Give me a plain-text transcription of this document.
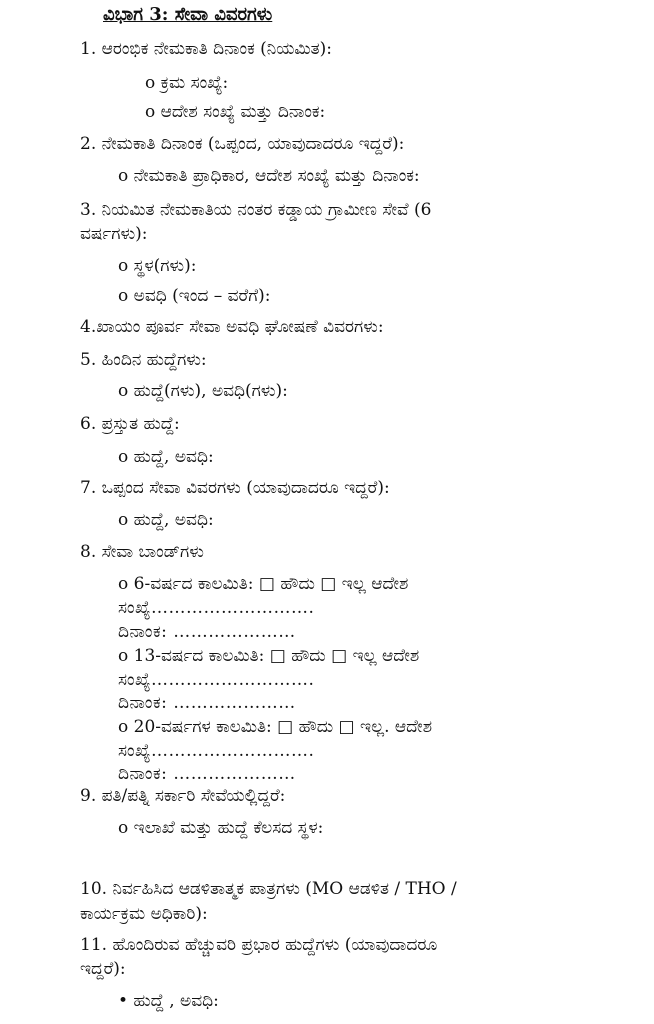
ವಿಭಾಗ 3: ಸೇವಾ ವಿವರಗಳು
1. ಆರಂಭಿಕ ನೇಮಕಾತಿ ದಿನಾಂಕ (ನಿಯಮಿತ):
o ಕ್ರಮ ಸಂಖ್ಯೆ:
o ಆದೇಶ ಸಂಖ್ಯೆ ಮತ್ತು ದಿನಾಂಕ:
2. ನೇಮಕಾತಿ ದಿನಾಂಕ (ಒಪ್ಪಂದ, ಯಾವುದಾದರೂ ಇದ್ದರೆ):
o ನೇಮಕಾತಿ ಪ್ರಾಧಿಕಾರ, ಆದೇಶ ಸಂಖ್ಯೆ ಮತ್ತು ದಿನಾಂಕ:
3. ನಿಯಮಿತ ನೇಮಕಾತಿಯ ನಂತರ ಕಡ್ಡಾಯ ಗ್ರಾಮೀಣ ಸೇವೆ (6
ವರ್ಷಗಳು):
o ಸ್ಥಳ(ಗಳು):
o ಅವಧಿ (ಇಂದ – ವರೆಗೆ):
4.ಖಾಯಂ ಪೂರ್ವ ಸೇವಾ ಅವಧಿ ಘೋಷಣೆ ವಿವರಗಳು:
5. ಹಿಂದಿನ ಹುದ್ದೆಗಳು:
o ಹುದ್ದೆ(ಗಳು), ಅವಧಿ(ಗಳು):
6. ಪ್ರಸ್ತುತ ಹುದ್ದೆ:
o ಹುದ್ದೆ, ಅವಧಿ:
7. ಒಪ್ಪಂದ ಸೇವಾ ವಿವರಗಳು (ಯಾವುದಾದರೂ ಇದ್ದರೆ):
o ಹುದ್ದೆ, ಅವಧಿ:
8. ಸೇವಾ ಬಾಂಡ್‌ಗಳು
o 6-ವರ್ಷದ ಕಾಲಮಿತಿ: □ ಹೌದು □ ಇಲ್ಲ ಆದೇಶ
ಸಂಖ್ಯೆ……………………….
ದಿನಾಂಕ: …………………
o 13-ವರ್ಷದ ಕಾಲಮಿತಿ: □ ಹೌದು □ ಇಲ್ಲ ಆದೇಶ
ಸಂಖ್ಯೆ……………………….
ದಿನಾಂಕ: …………………
o 20-ವರ್ಷಗಳ ಕಾಲಮಿತಿ: □ ಹೌದು □ ಇಲ್ಲ. ಆದೇಶ
ಸಂಖ್ಯೆ……………………….
ದಿನಾಂಕ: …………………
9. ಪತಿ/ಪತ್ನಿ ಸರ್ಕಾರಿ ಸೇವೆಯಲ್ಲಿದ್ದರೆ:
o ಇಲಾಖೆ ಮತ್ತು ಹುದ್ದೆ ಕೆಲಸದ ಸ್ಥಳ:
10. ನಿರ್ವಹಿಸಿದ ಆಡಳಿತಾತ್ಮಕ ಪಾತ್ರಗಳು (MO ಆಡಳಿತ / THO /
ಕಾರ್ಯಕ್ರಮ ಅಧಿಕಾರಿ):
11. ಹೊಂದಿರುವ ಹೆಚ್ಚುವರಿ ಪ್ರಭಾರ ಹುದ್ದೆಗಳು (ಯಾವುದಾದರೂ
ಇದ್ದರೆ):
• ಹುದ್ದೆ , ಅವಧಿ:
